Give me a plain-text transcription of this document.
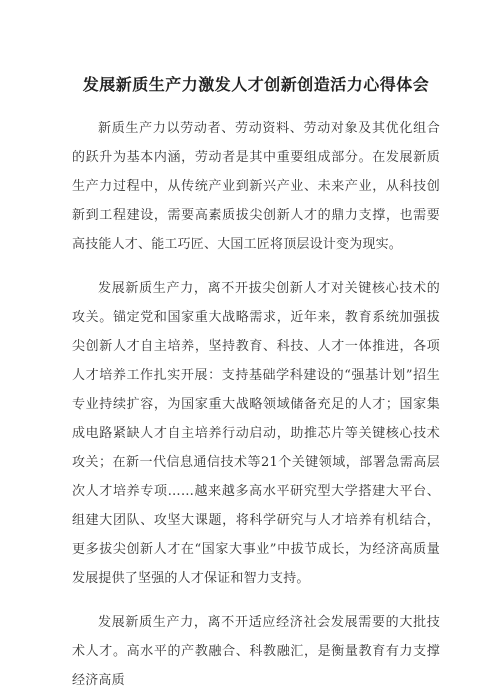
发展新质生产力激发人才创新创造活力心得体会

新质生产力以劳动者、劳动资料、劳动对象及其优化组合的跃升为基本内涵，劳动者是其中重要组成部分。在发展新质生产力过程中，从传统产业到新兴产业、未来产业，从科技创新到工程建设，需要高素质拔尖创新人才的鼎力支撑，也需要高技能人才、能工巧匠、大国工匠将顶层设计变为现实。

发展新质生产力，离不开拔尖创新人才对关键核心技术的攻关。锚定党和国家重大战略需求，近年来，教育系统加强拔尖创新人才自主培养，坚持教育、科技、人才一体推进，各项人才培养工作扎实开展：支持基础学科建设的“强基计划”招生专业持续扩容，为国家重大战略领域储备充足的人才；国家集成电路紧缺人才自主培养行动启动，助推芯片等关键核心技术攻关；在新一代信息通信技术等21个关键领域，部署急需高层次人才培养专项……越来越多高水平研究型大学搭建大平台、组建大团队、攻坚大课题，将科学研究与人才培养有机结合，更多拔尖创新人才在“国家大事业”中拔节成长，为经济高质量发展提供了坚强的人才保证和智力支持。

发展新质生产力，离不开适应经济社会发展需要的大批技术人才。高水平的产教融合、科教融汇，是衡量教育有力支撑经济高质
